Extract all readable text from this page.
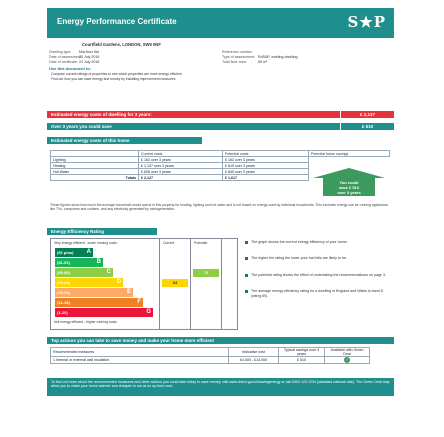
Energy Performance Certificate	S★P
Courtfield Gardens, LONDON, SW5 0NF
Dwelling type: Mid-floor flat
Date of assessment:23 July 2016
Date of certificate:24 July 2016
Reference number:
Type of assessment: RdSAP, existing dwelling
Total floor area:	55 m²
Use this document to:
Compare current ratings of properties to see which properties are more energy efficient
Find out how you can save energy and money by installing improvement measures
Estimated energy costs of dwelling for 3 years:	£ 2,127
Over 3 years you could save	£ 510
Estimated energy costs of this home
	Current costs	Potential costs	Potential future savings
Lighting	£ 162 over 3 years	£ 162 over 3 years	
Heating	£ 1,137 over 3 years	£ 615 over 3 years	
Hot Water	£ 828 over 3 years	£ 840 over 3 years	
Totals	£ 2,127	£ 1,617	
You could
save £ 510
over 3 years
These figures show how much the average household would spend in this property for heating, lighting and hot water and is not based on energy used by individual households. This excludes energy use for running appliances like TVs, computers and cookers, and any electricity generated by microgeneration.
Energy Efficiency Rating
Very energy efficient - lower running costs	Current	Potential
(92 plus) A
(81-91)	B
(69-80)	C
(55-68)	D
(39-54)	E
(21-38)	F
(1-20)	G
64
72
Not energy efficient - higher running costs

The graph shows the current energy efficiency of your home.

The higher the rating the lower your fuel bills are likely to be.

The potential rating shows the effect of undertaking the recommendations on page 3.

The average energy efficiency rating for a dwelling in England and Wales is band D (rating 60).

Top actions you can take to save money and make your home more efficient
Recommended measures	Indicative cost	Typical savings over 3 years	Available with Green Deal
1 Internal or external wall insulation	£4,000 - £14,000	£ 510	✓
To find out more about the recommended measures and other actions you could take today to save money, visit www.direct.gov.uk/savingenergy or call 0300 123 1234 (standard national rate). The Green Deal may allow you to make your home warmer and cheaper to run at no up-front cost.
